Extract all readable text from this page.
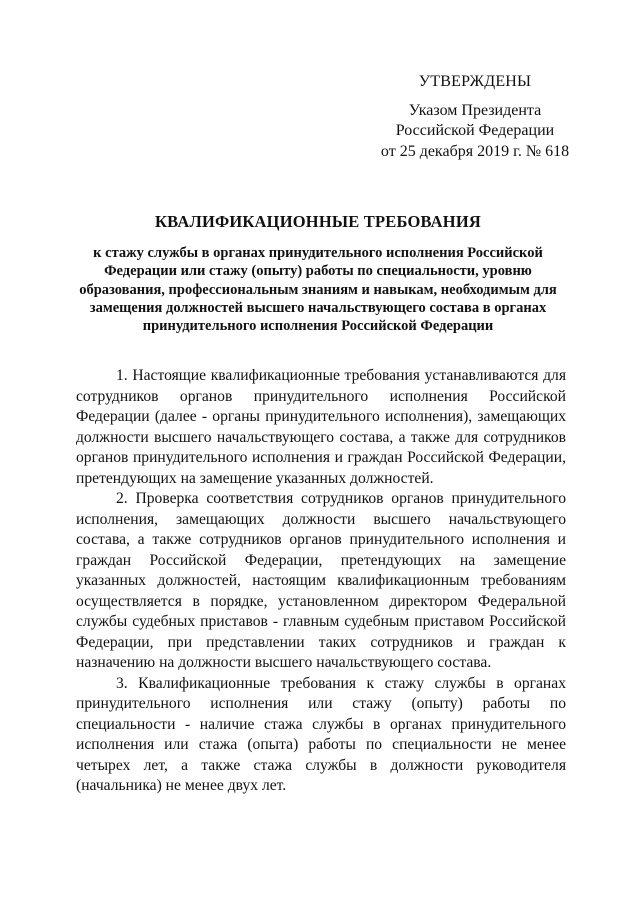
УТВЕРЖДЕНЫ

Указом Президента

Российской Федерации

от 25 декабря 2019 г. № 618

КВАЛИФИКАЦИОННЫЕ ТРЕБОВАНИЯ

к стажу службы в органах принудительного исполнения Российской Федерации или стажу (опыту) работы по специальности, уровню образования, профессиональным знаниям и навыкам, необходимым для замещения должностей высшего начальствующего состава в органах принудительного исполнения Российской Федерации

1. Настоящие квалификационные требования устанавливаются для сотрудников органов принудительного исполнения Российской Федерации (далее - органы принудительного исполнения), замещающих должности высшего начальствующего состава, а также для сотрудников органов принудительного исполнения и граждан Российской Федерации, претендующих на замещение указанных должностей.

2. Проверка соответствия сотрудников органов принудительного исполнения, замещающих должности высшего начальствующего состава, а также сотрудников органов принудительного исполнения и граждан Российской Федерации, претендующих на замещение указанных должностей, настоящим квалификационным требованиям осуществляется в порядке, установленном директором Федеральной службы судебных приставов - главным судебным приставом Российской Федерации, при представлении таких сотрудников и граждан к назначению на должности высшего начальствующего состава.

3. Квалификационные требования к стажу службы в органах принудительного исполнения или стажу (опыту) работы по специальности - наличие стажа службы в органах принудительного исполнения или стажа (опыта) работы по специальности не менее четырех лет, а также стажа службы в должности руководителя (начальника) не менее двух лет.
